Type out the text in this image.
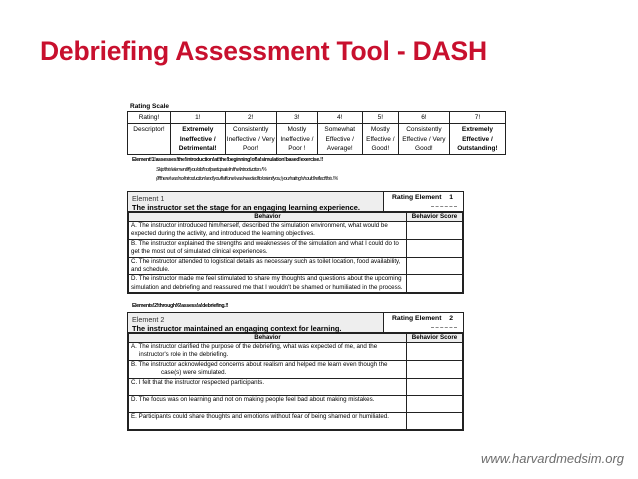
Debriefing Assessment Tool - DASH
Rating Scale
Rating!	1!	2!	3!	4!	5!	6!	7!
Descriptor!	Extremely Ineffective / Detrimental!	Consistently Ineffective / Very Poor!	Mostly Ineffective / Poor !	Somewhat Effective / Average!	Mostly Effective / Good!	Consistently Effective / Very Good!	Extremely Effective / Outstanding!
Element!1!assesses!the!introduction!at!the!beginning!of!a!simulation!based!exercise.!!
Skip!this!element!if!you!did!not!participate!in!the!introduction.!%
(If!there!was!no!introduction!and!you!felt!one!was!needed!to!orient!you,!your!rating!should!reflect!this.!%
Element 1
The instructor set the stage for an engaging learning experience.
Rating Element 1
Behavior	Behavior Score
A. The instructor introduced him/herself, described the simulation environment, what would be expected during the activity, and introduced the learning objectives.	
B. The instructor explained the strengths and weaknesses of the simulation and what I could do to get the most out of simulated clinical experiences.	
C. The instructor attended to logistical details as necessary such as toilet location, food availability, and schedule.	
D. The instructor made me feel stimulated to share my thoughts and questions about the upcoming simulation and debriefing and reassured me that I wouldn't be shamed or humiliated in the process.	
Elements!2!through!6!assess!a!debriefing.!!
Element 2
The instructor maintained an engaging context for learning.
Rating Element 2
Behavior	Behavior Score
A. The instructor clarified the purpose of the debriefing, what was expected of me, and the
instructor's role in the debriefing.	

B. The instructor acknowledged concerns about realism and helped me learn even though the
case(s) were simulated.	

C. I felt that the instructor respected participants.	
D. The focus was on learning and not on making people feel bad about making mistakes.	
E. Participants could share thoughts and emotions without fear of being shamed or humiliated.	
www.harvardmedsim.org
